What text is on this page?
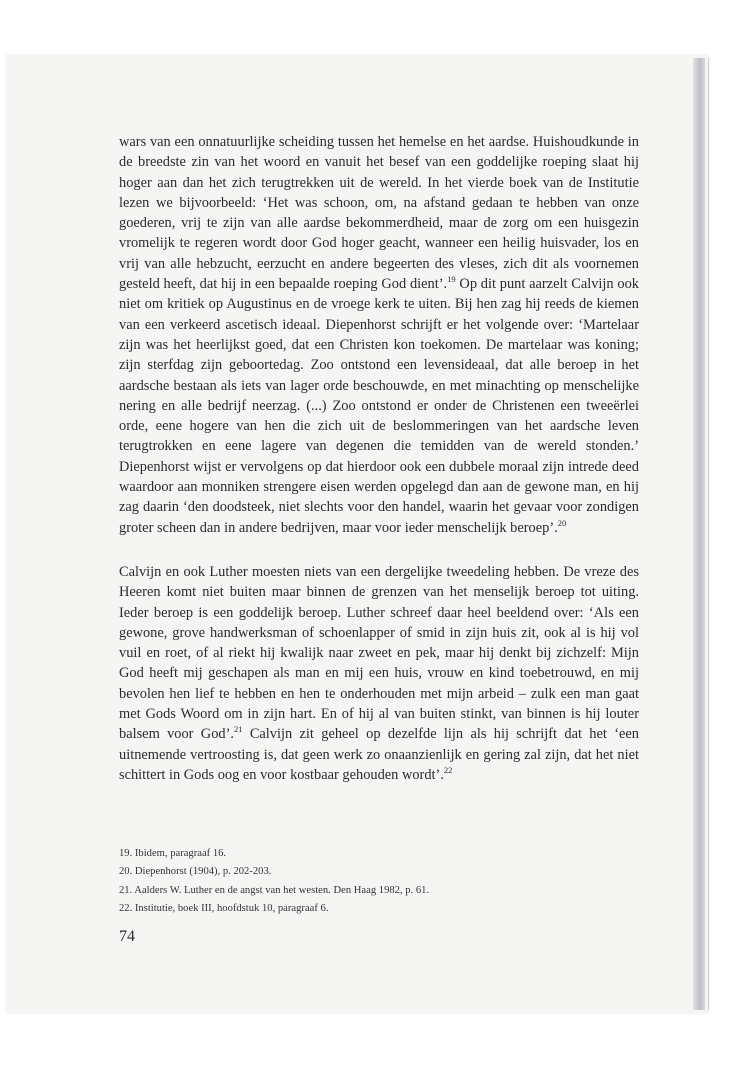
wars van een onnatuurlijke scheiding tussen het hemelse en het aardse. Huishoudkunde in de breedste zin van het woord en vanuit het besef van een goddelijke roeping slaat hij hoger aan dan het zich terugtrekken uit de wereld. In het vierde boek van de Institutie lezen we bijvoorbeeld: ‘Het was schoon, om, na afstand gedaan te hebben van onze goederen, vrij te zijn van alle aardse bekommerdheid, maar de zorg om een huisgezin vromelijk te regeren wordt door God hoger geacht, wanneer een heilig huisvader, los en vrij van alle hebzucht, eerzucht en andere begeerten des vleses, zich dit als voornemen gesteld heeft, dat hij in een bepaalde roeping God dient’.$^{19}$ Op dit punt aarzelt Calvijn ook niet om kritiek op Augustinus en de vroege kerk te uiten. Bij hen zag hij reeds de kiemen van een verkeerd ascetisch ideaal. Diepenhorst schrijft er het volgende over: ‘Martelaar zijn was het heerlijkst goed, dat een Christen kon toekomen. De martelaar was koning; zijn sterfdag zijn geboortedag. Zoo ontstond een levensideaal, dat alle beroep in het aardsche bestaan als iets van lager orde beschouwde, en met minachting op menschelijke nering en alle bedrijf neerzag. (...) Zoo ontstond er onder de Christenen een tweeërlei orde, eene hogere van hen die zich uit de beslommeringen van het aardsche leven terugtrokken en eene lagere van degenen die temidden van de wereld stonden.’ Diepenhorst wijst er vervolgens op dat hierdoor ook een dubbele moraal zijn intrede deed waardoor aan monniken strengere eisen werden opgelegd dan aan de gewone man, en hij zag daarin ‘den doodsteek, niet slechts voor den handel, waarin het gevaar voor zondigen groter scheen dan in andere bedrijven, maar voor ieder menschelijk beroep’.$^{20}$

Calvijn en ook Luther moesten niets van een dergelijke tweedeling hebben. De vreze des Heeren komt niet buiten maar binnen de grenzen van het menselijk beroep tot uiting. Ieder beroep is een goddelijk beroep. Luther schreef daar heel beeldend over: ‘Als een gewone, grove handwerksman of schoenlapper of smid in zijn huis zit, ook al is hij vol vuil en roet, of al riekt hij kwalijk naar zweet en pek, maar hij denkt bij zichzelf: Mijn God heeft mij geschapen als man en mij een huis, vrouw en kind toebetrouwd, en mij bevolen hen lief te hebben en hen te onderhouden met mijn arbeid – zulk een man gaat met Gods Woord om in zijn hart. En of hij al van buiten stinkt, van binnen is hij louter balsem voor God’.$^{21}$ Calvijn zit geheel op dezelfde lijn als hij schrijft dat het ‘een uitnemende vertroosting is, dat geen werk zo onaanzienlijk en gering zal zijn, dat het niet schittert in Gods oog en voor kostbaar gehouden wordt’.$^{22}$

19. Ibidem, paragraaf 16.
20. Diepenhorst (1904), p. 202-203.
21. Aalders W. Luther en de angst van het westen. Den Haag 1982, p. 61.
22. Institutie, boek III, hoofdstuk 10, paragraaf 6.
74
